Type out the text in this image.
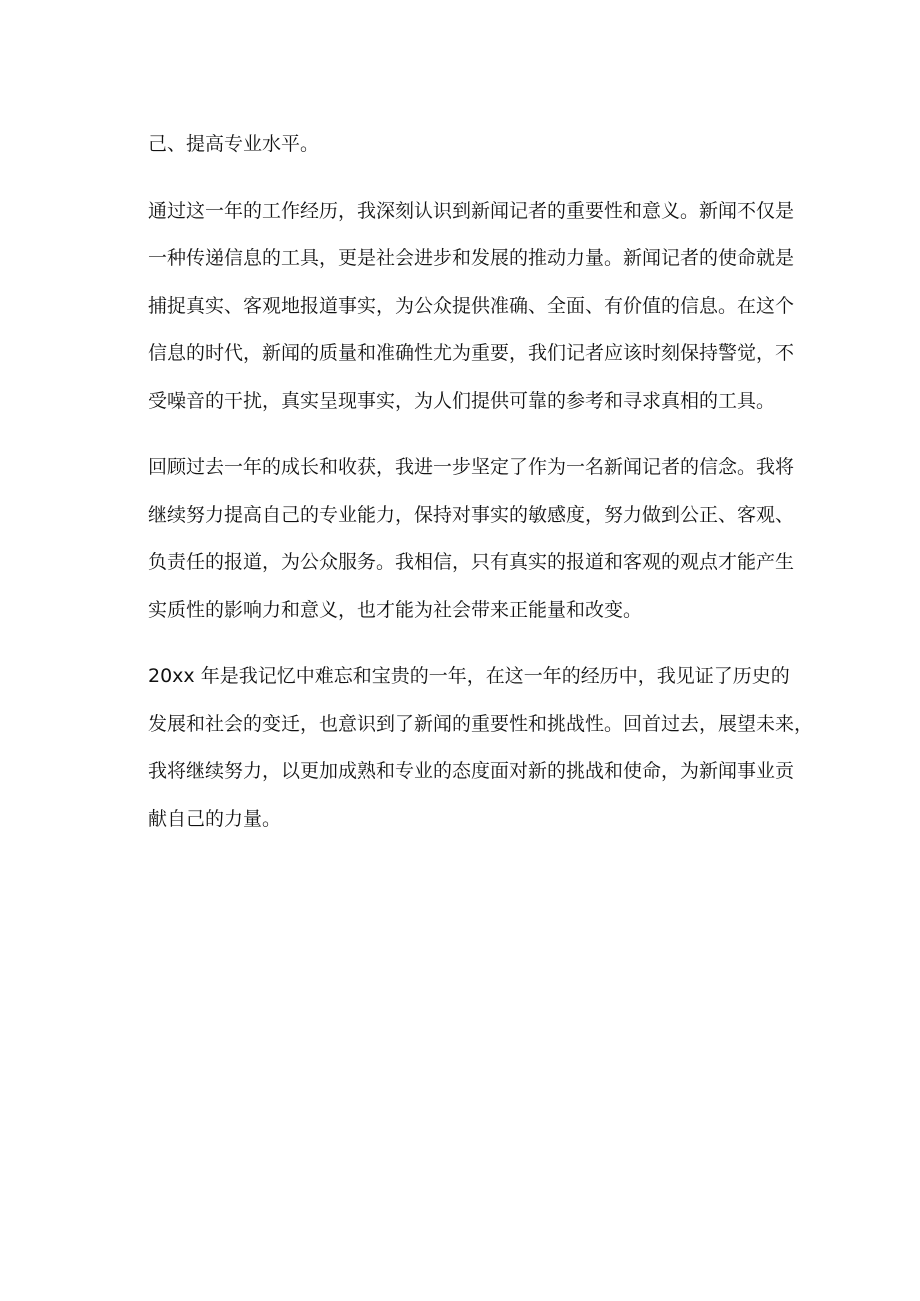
己、提高专业水平。

通过这一年的工作经历，我深刻认识到新闻记者的重要性和意义。新闻不仅是
一种传递信息的工具，更是社会进步和发展的推动力量。新闻记者的使命就是
捕捉真实、客观地报道事实，为公众提供准确、全面、有价值的信息。在这个
信息的时代，新闻的质量和准确性尤为重要，我们记者应该时刻保持警觉，不
受噪音的干扰，真实呈现事实，为人们提供可靠的参考和寻求真相的工具。

回顾过去一年的成长和收获，我进一步坚定了作为一名新闻记者的信念。我将
继续努力提高自己的专业能力，保持对事实的敏感度，努力做到公正、客观、
负责任的报道，为公众服务。我相信，只有真实的报道和客观的观点才能产生
实质性的影响力和意义，也才能为社会带来正能量和改变。

20xx 年是我记忆中难忘和宝贵的一年，在这一年的经历中，我见证了历史的
发展和社会的变迁，也意识到了新闻的重要性和挑战性。回首过去，展望未来，
我将继续努力，以更加成熟和专业的态度面对新的挑战和使命，为新闻事业贡
献自己的力量。
